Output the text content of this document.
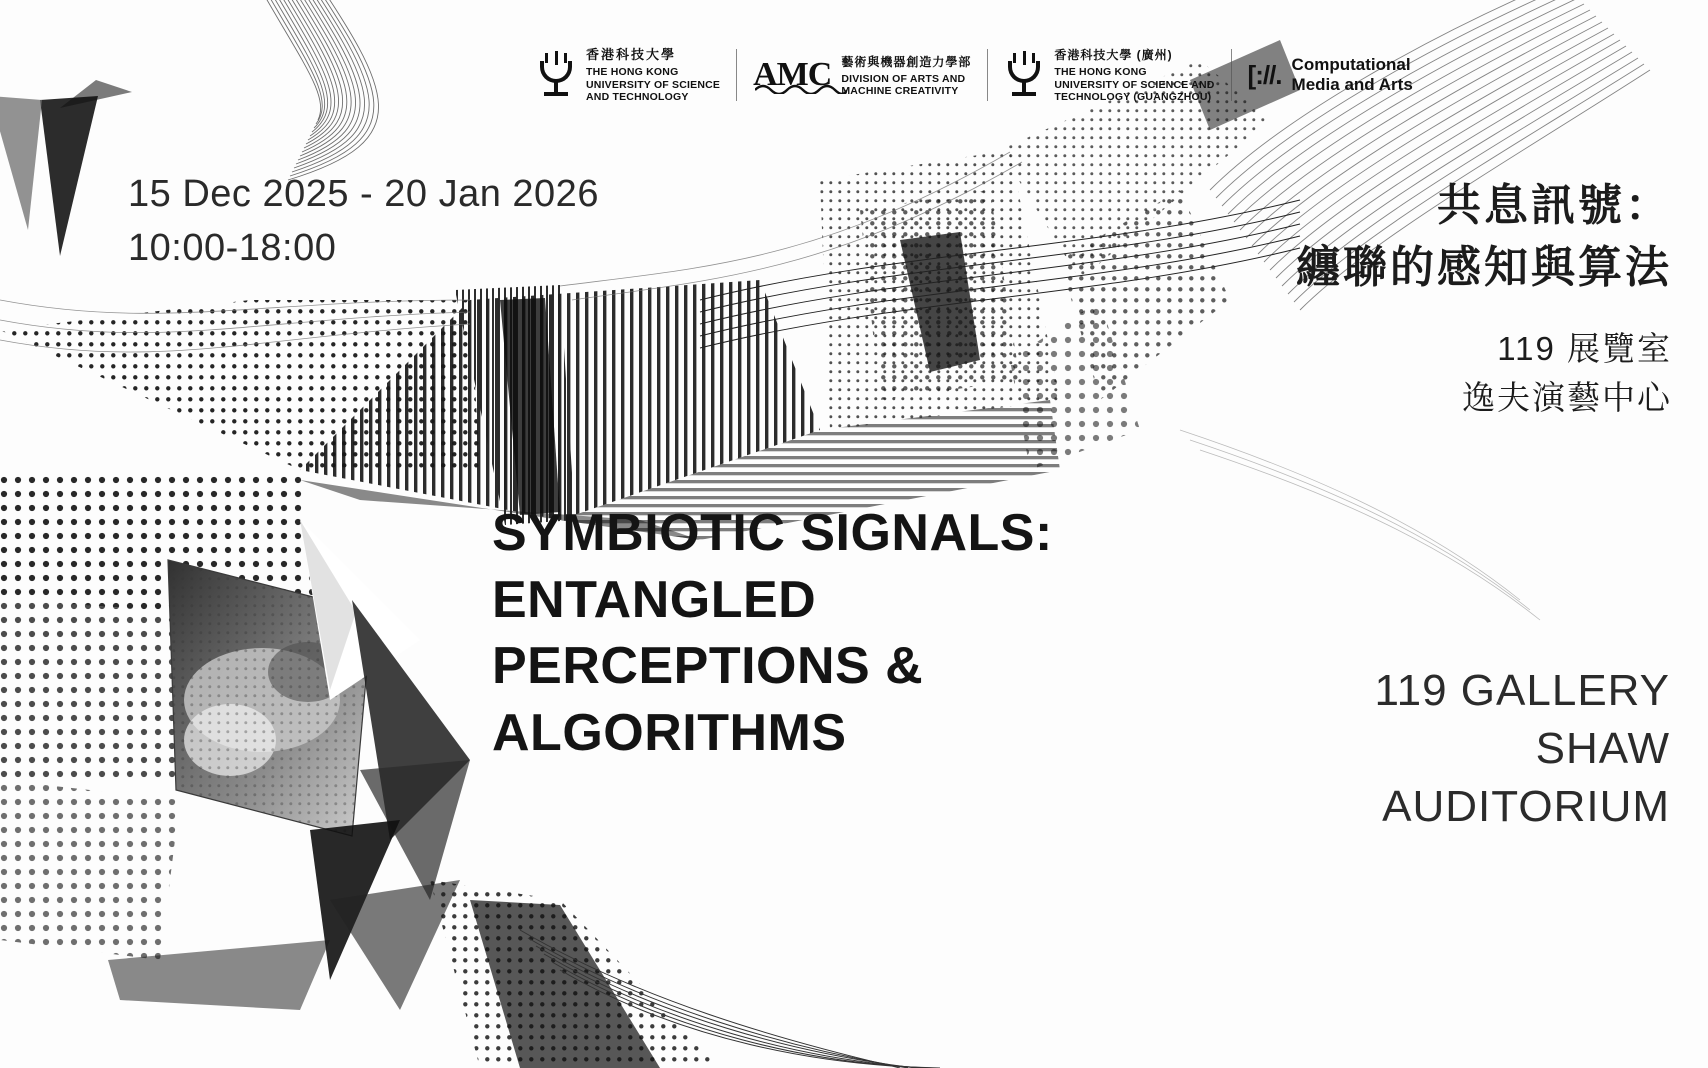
香港科技大學
THE HONG KONG
UNIVERSITY OF SCIENCE
AND TECHNOLOGY
AMC 藝術與機器創造力學部
DIVISION OF ARTS AND
MACHINE CREATIVITY
香港科技大學 (廣州)
THE HONG KONG
UNIVERSITY OF SCIENCE AND
TECHNOLOGY (GUANGZHOU)
[://. Computational
Media and Arts
15 Dec 2025 - 20 Jan 2026
10:00-18:00
共息訊號：
纏聯的感知與算法
119 展覽室
逸夫演藝中心
SYMBIOTIC SIGNALS: ENTANGLED PERCEPTIONS & ALGORITHMS
119 GALLERY
SHAW
AUDITORIUM
